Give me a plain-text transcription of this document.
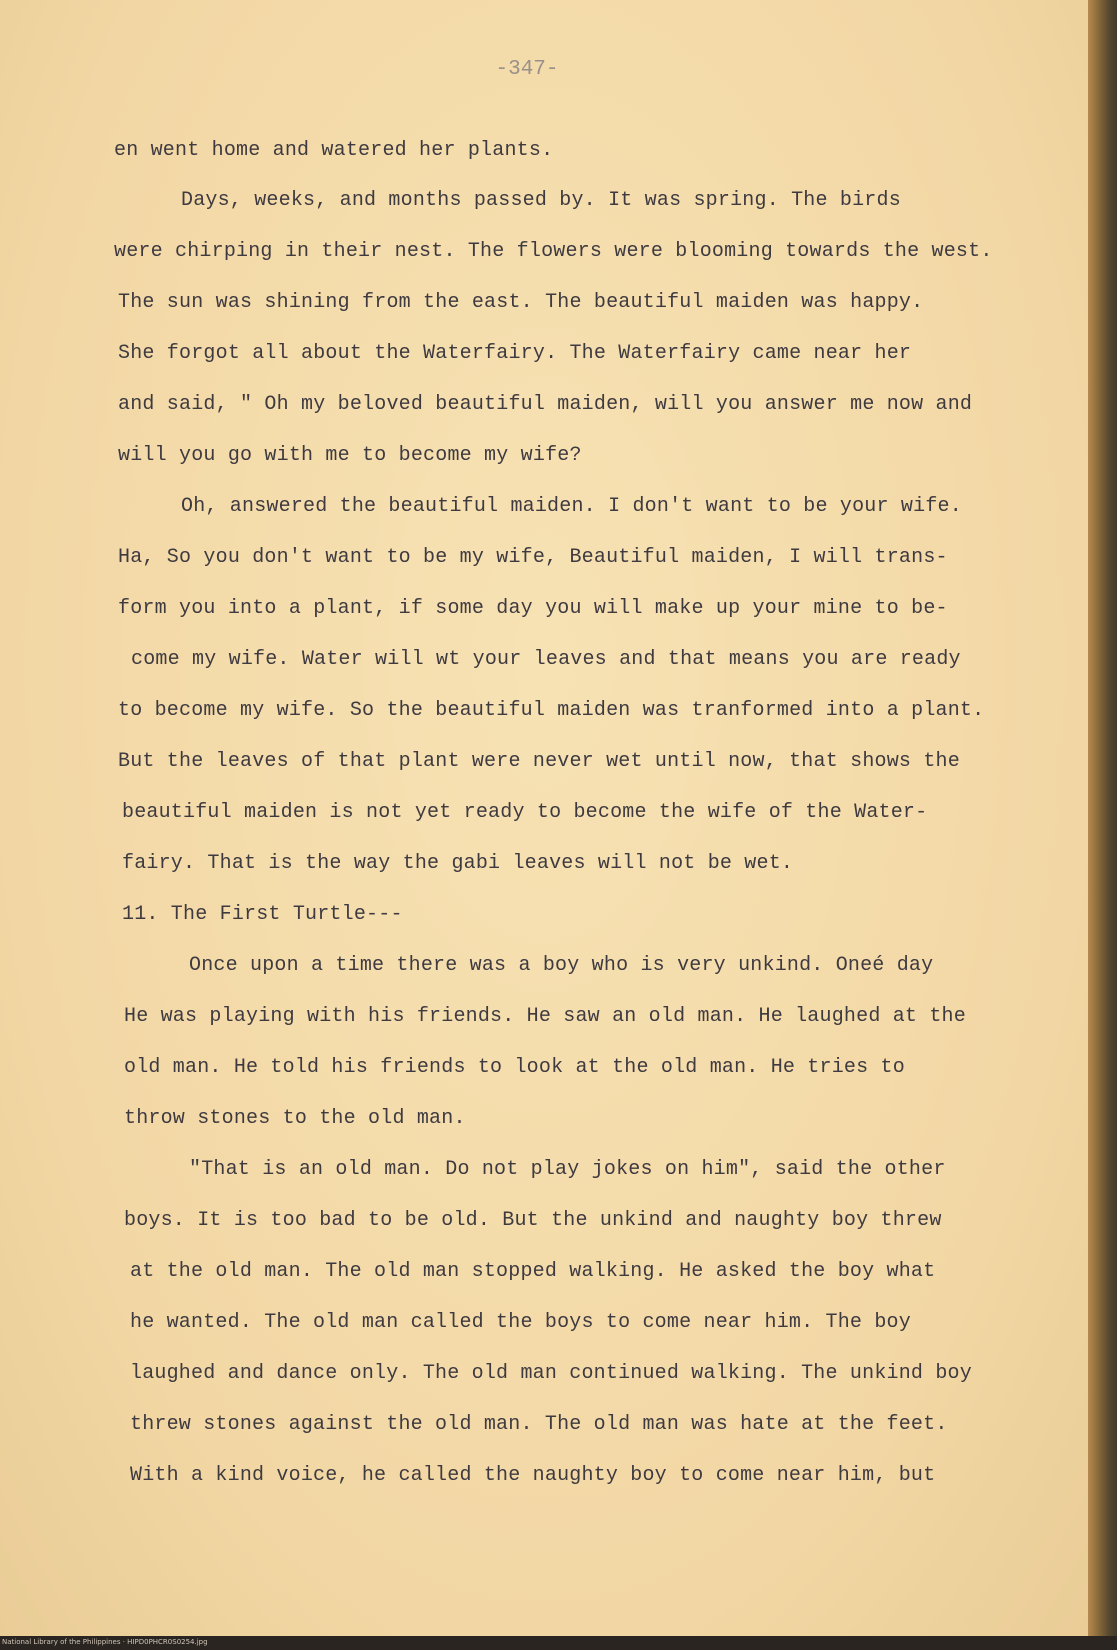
-347-
en went home and watered her plants.
Days, weeks, and months passed by. It was spring. The birds
were chirping in their nest. The flowers were blooming towards the west.
The sun was shining from the east. The beautiful maiden was happy.
She forgot all about the Waterfairy. The Waterfairy came near her
and said, " Oh my beloved beautiful maiden, will you answer me now and
will you go with me to become my wife?
Oh, answered the beautiful maiden. I don't want to be your wife.
Ha, So you don't want to be my wife, Beautiful maiden, I will trans-
form you into a plant, if some day you will make up your mine to be-
come my wife. Water will wt your leaves and that means you are ready
to become my wife. So the beautiful maiden was tranformed into a plant.
But the leaves of that plant were never wet until now, that shows the
beautiful maiden is not yet ready to become the wife of the Water-
fairy. That is the way the gabi leaves will not be wet.
11. The First Turtle---
Once upon a time there was a boy who is very unkind. Oneé day
He was playing with his friends. He saw an old man. He laughed at the
old man. He told his friends to look at the old man. He tries to
throw stones to the old man.
"That is an old man. Do not play jokes on him", said the other
boys. It is too bad to be old. But the unkind and naughty boy threw
at the old man. The old man stopped walking. He asked the boy what
he wanted. The old man called the boys to come near him. The boy
laughed and dance only. The old man continued walking. The unkind boy
threw stones against the old man. The old man was hate at the feet.
With a kind voice, he called the naughty boy to come near him, but
National Library of the Philippines · HIPD0PHCR0S0254.jpg
